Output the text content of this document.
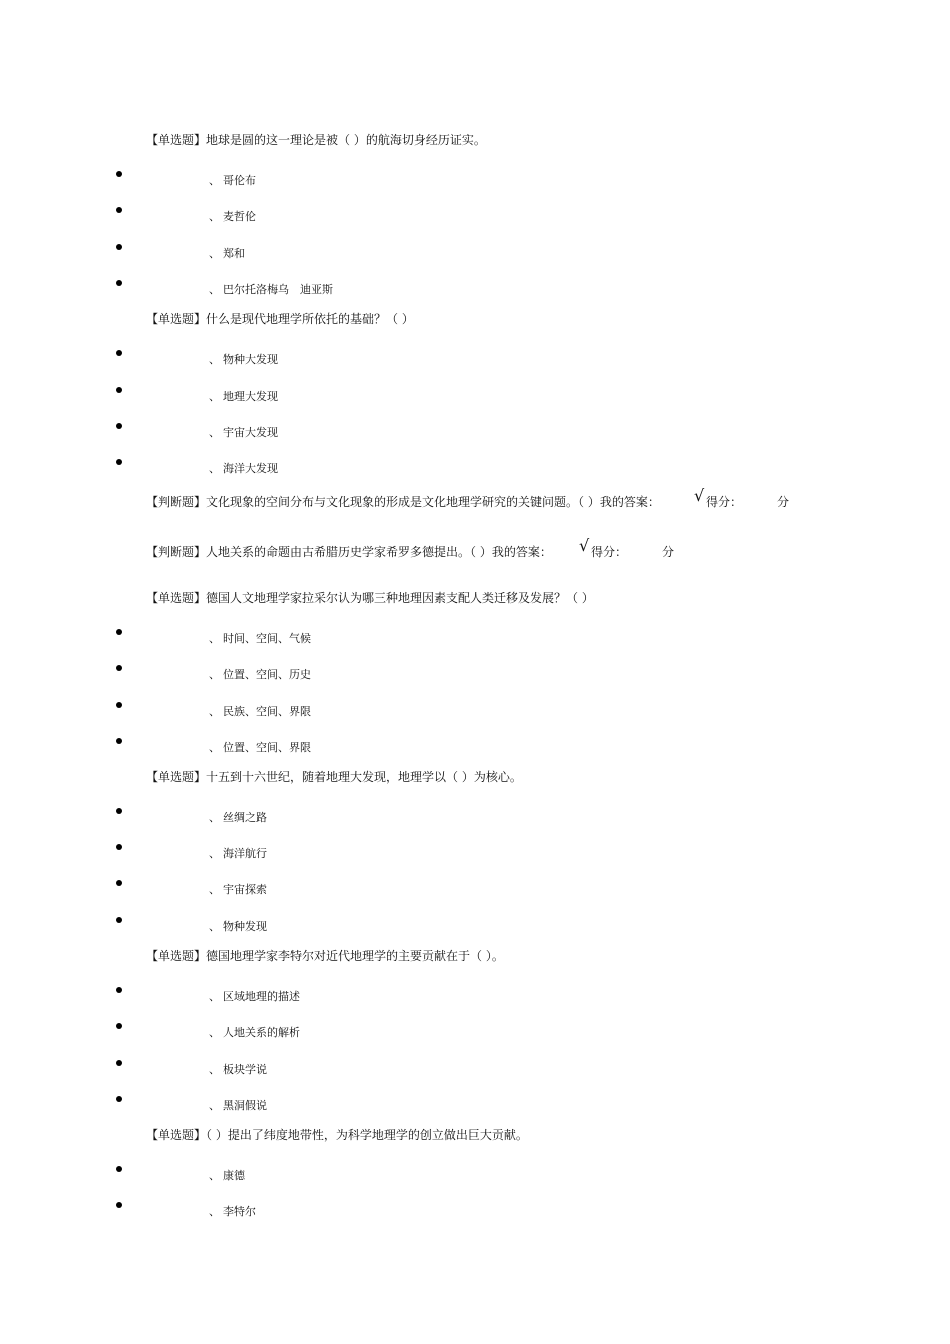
【单选题】地球是圆的这一理论是被（ ）的航海切身经历证实。
、 哥伦布
、 麦哲伦
、 郑和
、 巴尔托洛梅乌　迪亚斯
【单选题】什么是现代地理学所依托的基础？（ ）
、 物种大发现
、 地理大发现
、 宇宙大发现
、 海洋大发现
【判断题】文化现象的空间分布与文化现象的形成是文化地理学研究的关键问题。（ ）我的答案： √ 得分：	分
【判断题】人地关系的命题由古希腊历史学家希罗多德提出。（ ）我的答案： √ 得分：	分
【单选题】德国人文地理学家拉采尔认为哪三种地理因素支配人类迁移及发展？（ ）
、 时间、空间、气候
、 位置、空间、历史
、 民族、空间、界限
、 位置、空间、界限
【单选题】十五到十六世纪，随着地理大发现，地理学以（ ）为核心。
、 丝绸之路
、 海洋航行
、 宇宙探索
、 物种发现
【单选题】德国地理学家李特尔对近代地理学的主要贡献在于（ ）。
、 区域地理的描述
、 人地关系的解析
、 板块学说
、 黑洞假说
【单选题】（ ）提出了纬度地带性，为科学地理学的创立做出巨大贡献。
、 康德
、 李特尔
